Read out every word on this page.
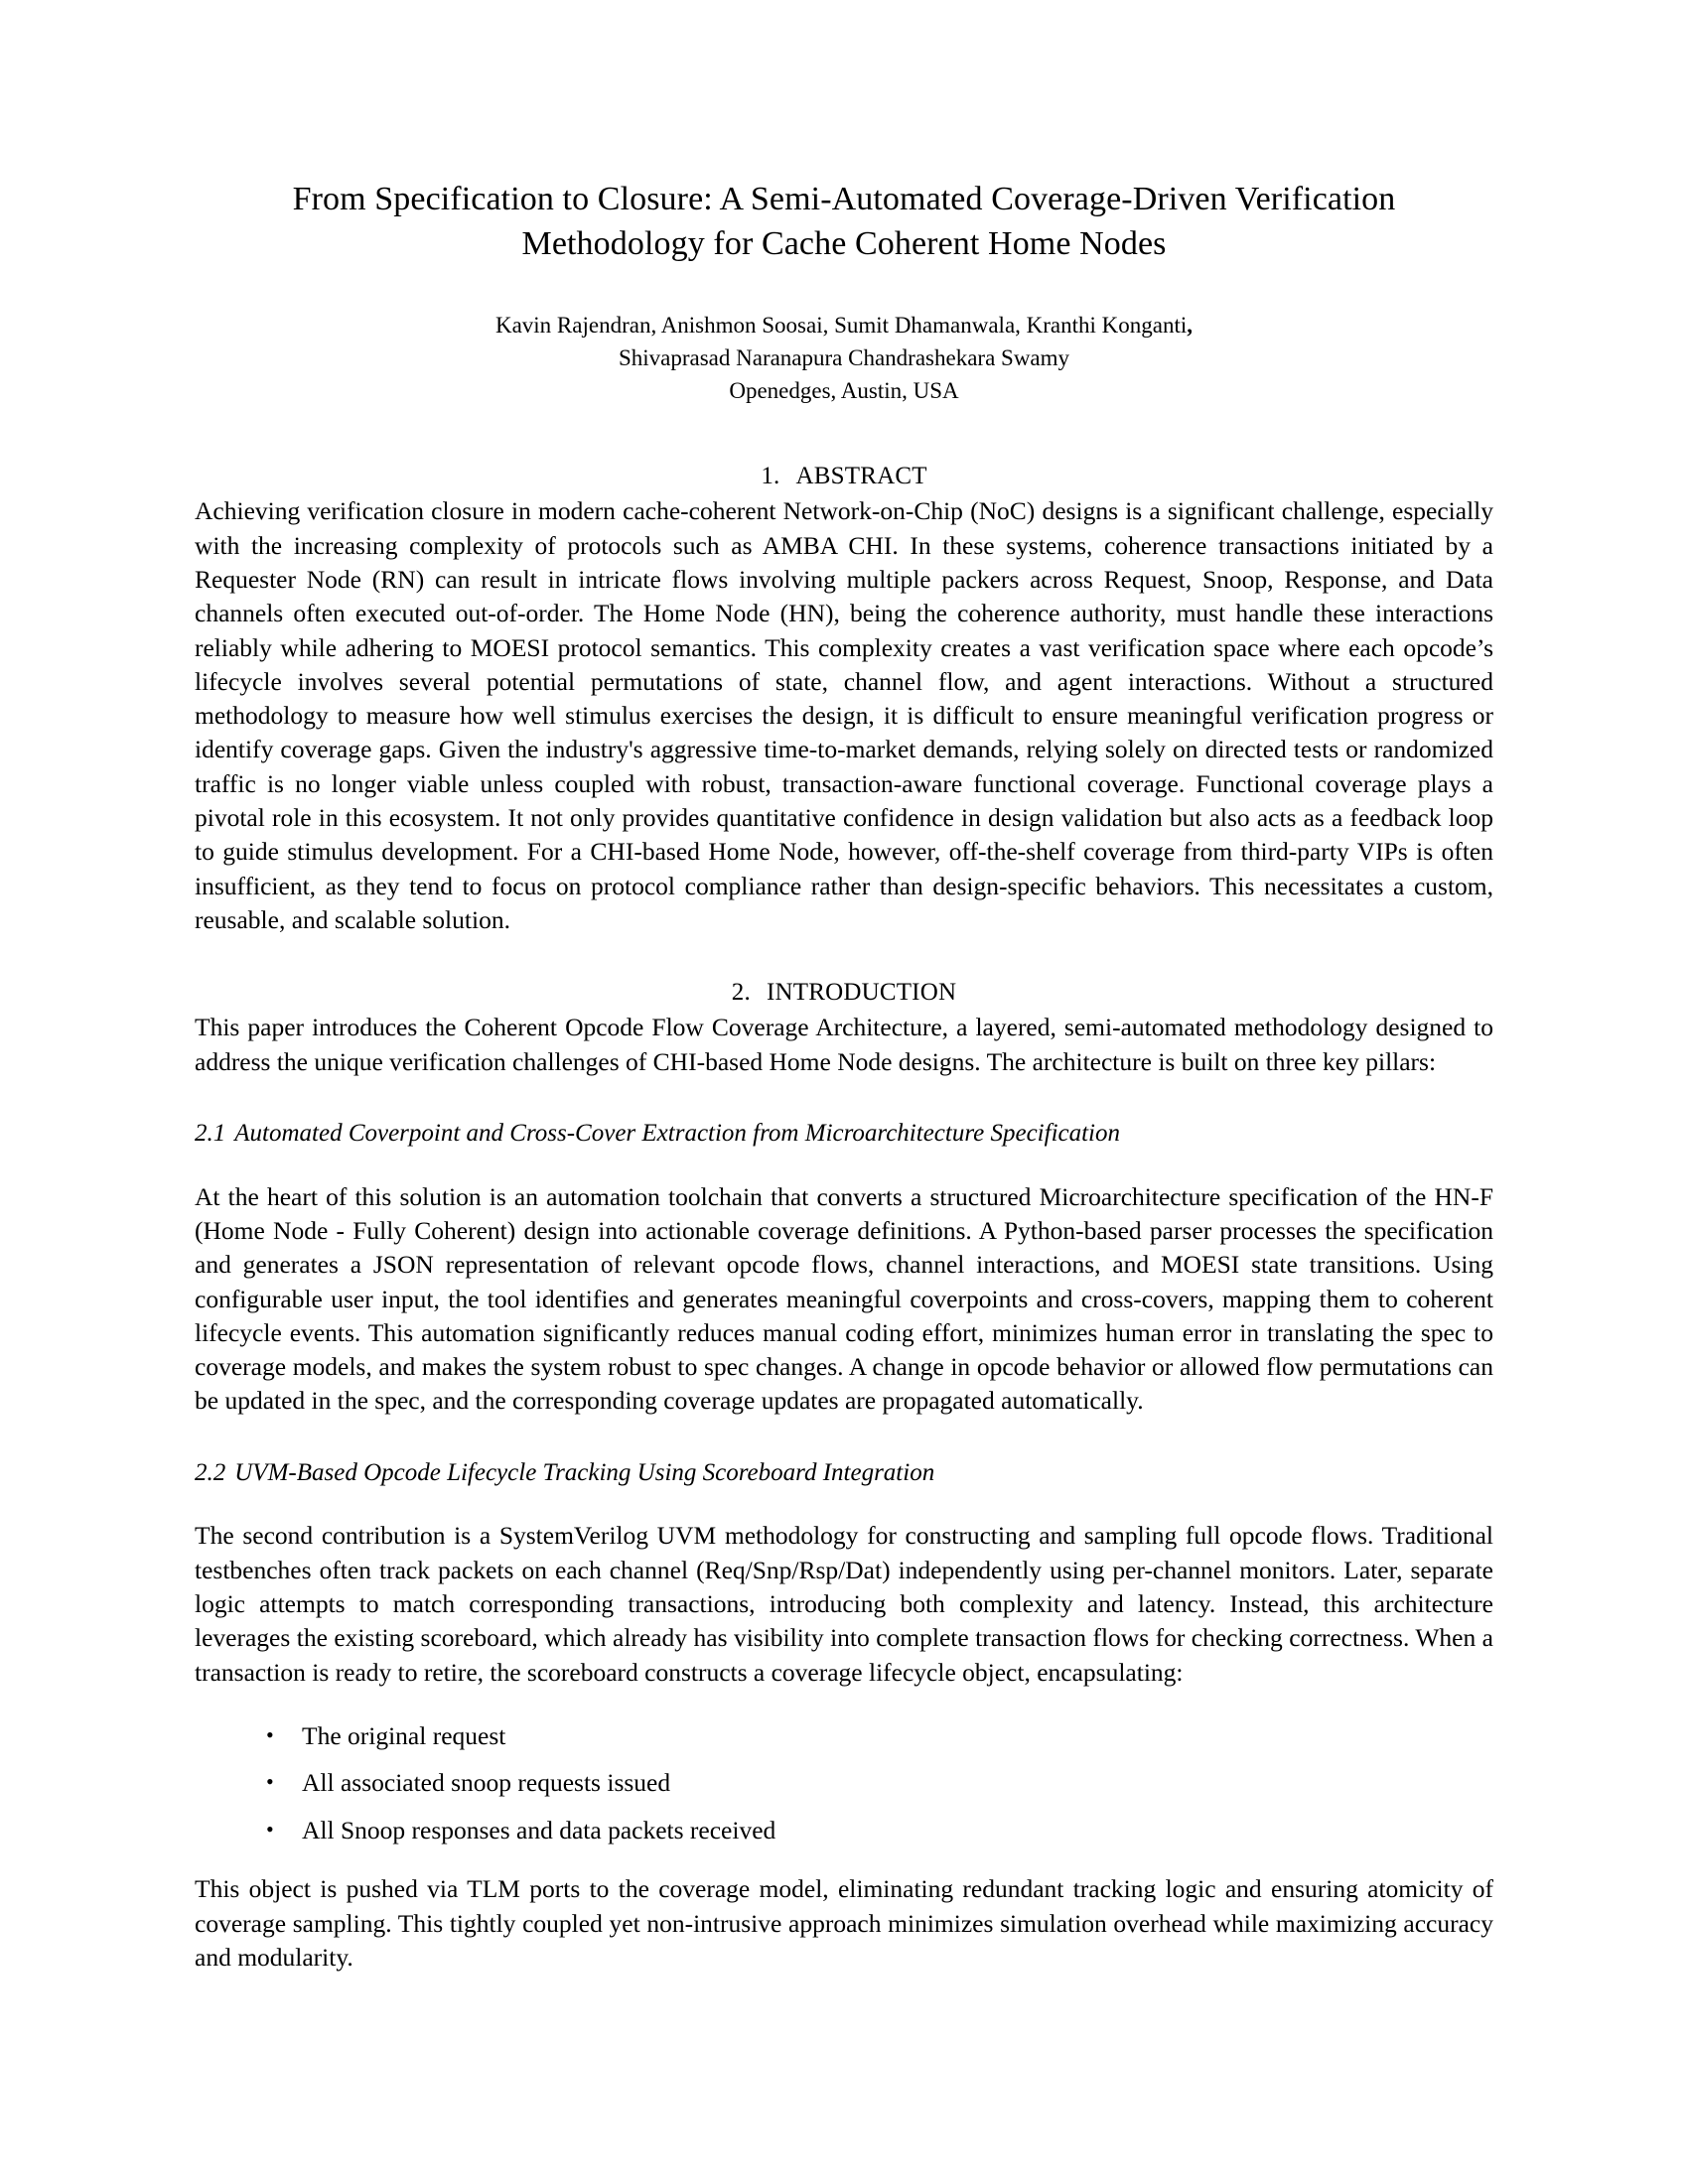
From Specification to Closure: A Semi-Automated Coverage-Driven Verification Methodology for Cache Coherent Home Nodes
Kavin Rajendran, Anishmon Soosai, Sumit Dhamanwala, Kranthi Konganti,
Shivaprasad Naranapura Chandrashekara Swamy
Openedges, Austin, USA
1. ABSTRACT

Achieving verification closure in modern cache-coherent Network-on-Chip (NoC) designs is a significant challenge, especially with the increasing complexity of protocols such as AMBA CHI. In these systems, coherence transactions initiated by a Requester Node (RN) can result in intricate flows involving multiple packers across Request, Snoop, Response, and Data channels often executed out-of-order. The Home Node (HN), being the coherence authority, must handle these interactions reliably while adhering to MOESI protocol semantics. This complexity creates a vast verification space where each opcode’s lifecycle involves several potential permutations of state, channel flow, and agent interactions. Without a structured methodology to measure how well stimulus exercises the design, it is difficult to ensure meaningful verification progress or identify coverage gaps. Given the industry's aggressive time-to-market demands, relying solely on directed tests or randomized traffic is no longer viable unless coupled with robust, transaction-aware functional coverage. Functional coverage plays a pivotal role in this ecosystem. It not only provides quantitative confidence in design validation but also acts as a feedback loop to guide stimulus development. For a CHI-based Home Node, however, off-the-shelf coverage from third-party VIPs is often insufficient, as they tend to focus on protocol compliance rather than design-specific behaviors. This necessitates a custom, reusable, and scalable solution.

2. INTRODUCTION

This paper introduces the Coherent Opcode Flow Coverage Architecture, a layered, semi-automated methodology designed to address the unique verification challenges of CHI-based Home Node designs. The architecture is built on three key pillars:

2.1 Automated Coverpoint and Cross-Cover Extraction from Microarchitecture Specification

At the heart of this solution is an automation toolchain that converts a structured Microarchitecture specification of the HN-F (Home Node - Fully Coherent) design into actionable coverage definitions. A Python-based parser processes the specification and generates a JSON representation of relevant opcode flows, channel interactions, and MOESI state transitions. Using configurable user input, the tool identifies and generates meaningful coverpoints and cross-covers, mapping them to coherent lifecycle events. This automation significantly reduces manual coding effort, minimizes human error in translating the spec to coverage models, and makes the system robust to spec changes. A change in opcode behavior or allowed flow permutations can be updated in the spec, and the corresponding coverage updates are propagated automatically.

2.2 UVM-Based Opcode Lifecycle Tracking Using Scoreboard Integration

The second contribution is a SystemVerilog UVM methodology for constructing and sampling full opcode flows. Traditional testbenches often track packets on each channel (Req/Snp/Rsp/Dat) independently using per-channel monitors. Later, separate logic attempts to match corresponding transactions, introducing both complexity and latency. Instead, this architecture leverages the existing scoreboard, which already has visibility into complete transaction flows for checking correctness. When a transaction is ready to retire, the scoreboard constructs a coverage lifecycle object, encapsulating:

• The original request
• All associated snoop requests issued
• All Snoop responses and data packets received

This object is pushed via TLM ports to the coverage model, eliminating redundant tracking logic and ensuring atomicity of coverage sampling. This tightly coupled yet non-intrusive approach minimizes simulation overhead while maximizing accuracy and modularity.
